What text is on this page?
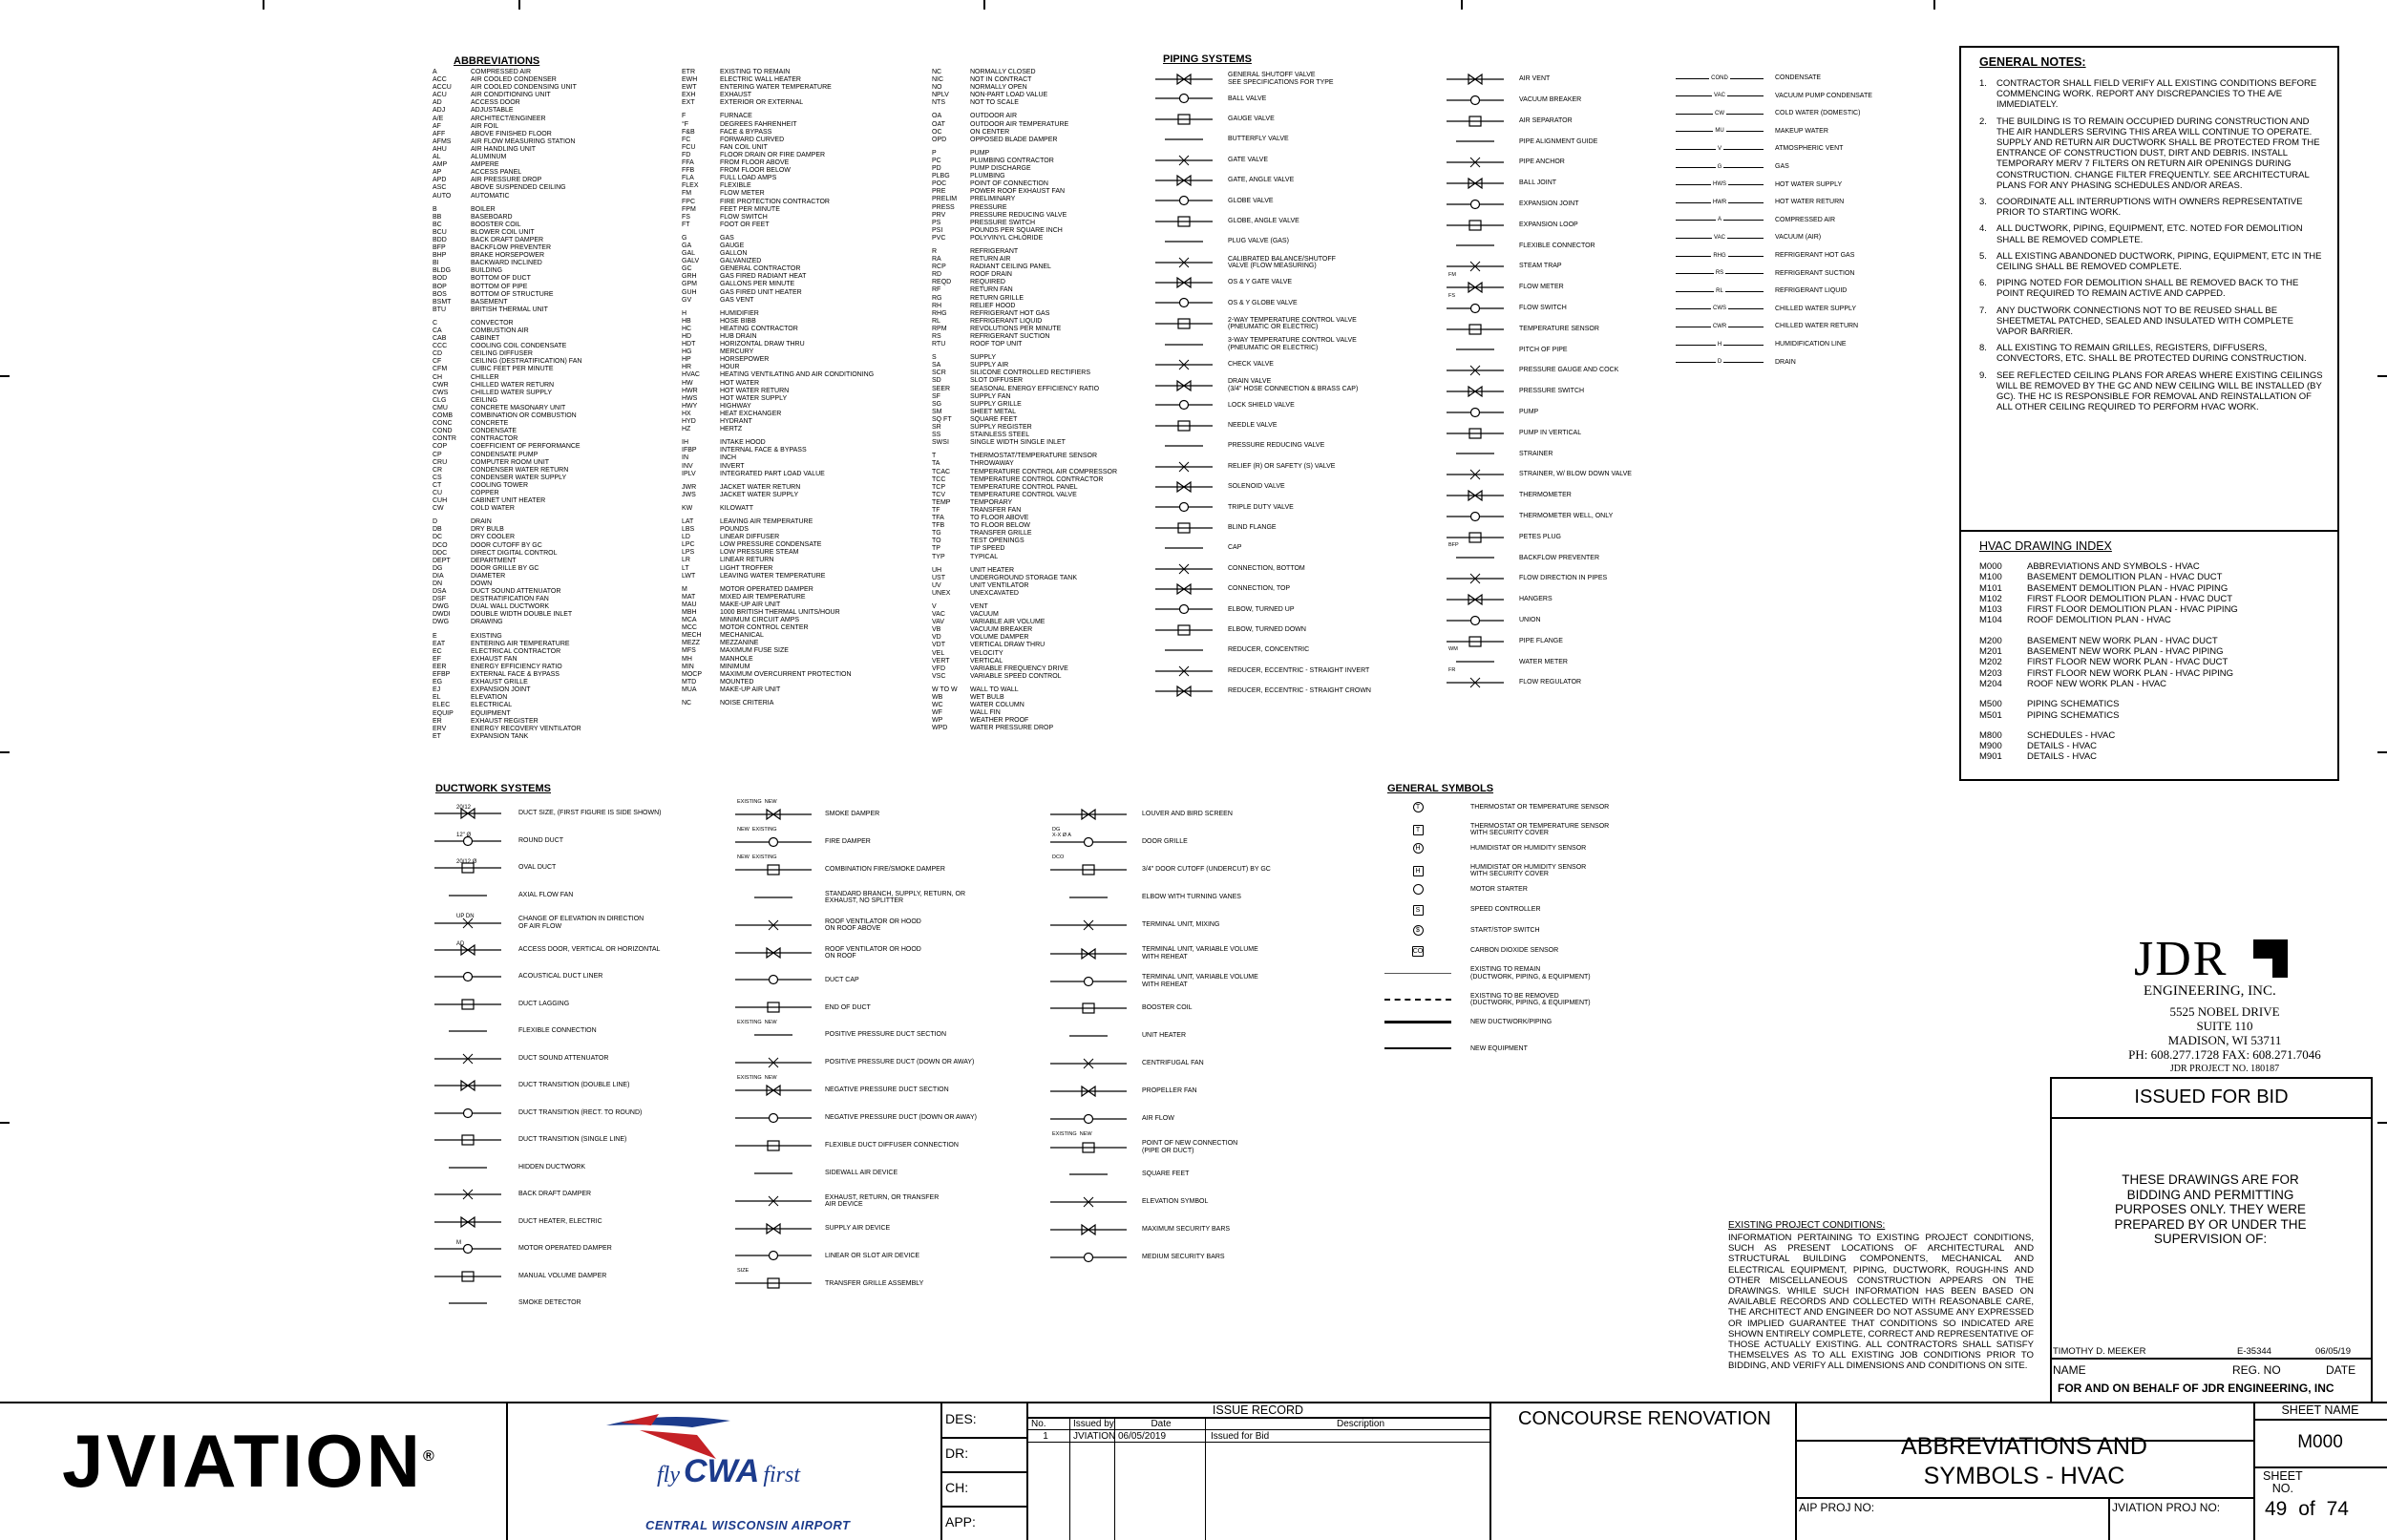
ABBREVIATIONS
A	COMPRESSED AIR
ACC	AIR COOLED CONDENSER
ACCU	AIR COOLED CONDENSING UNIT
ACU	AIR CONDITIONING UNIT
AD	ACCESS DOOR
ADJ	ADJUSTABLE
A/E	ARCHITECT/ENGINEER
AF	AIR FOIL
AFF	ABOVE FINISHED FLOOR
AFMS	AIR FLOW MEASURING STATION
AHU	AIR HANDLING UNIT
AL	ALUMINUM
AMP	AMPERE
AP	ACCESS PANEL
APD	AIR PRESSURE DROP
ASC	ABOVE SUSPENDED CEILING
AUTO	AUTOMATIC
B	BOILER
BB	BASEBOARD
BC	BOOSTER COIL
BCU	BLOWER COIL UNIT
BDD	BACK DRAFT DAMPER
BFP	BACKFLOW PREVENTER
BHP	BRAKE HORSEPOWER
BI	BACKWARD INCLINED
BLDG	BUILDING
BOD	BOTTOM OF DUCT
BOP	BOTTOM OF PIPE
BOS	BOTTOM OF STRUCTURE
BSMT	BASEMENT
BTU	BRITISH THERMAL UNIT
C	CONVECTOR
CA	COMBUSTION AIR
CAB	CABINET
CCC	COOLING COIL CONDENSATE
CD	CEILING DIFFUSER
CF	CEILING (DESTRATIFICATION) FAN
CFM	CUBIC FEET PER MINUTE
CH	CHILLER
CWR	CHILLED WATER RETURN
CWS	CHILLED WATER SUPPLY
CLG	CEILING
CMU	CONCRETE MASONARY UNIT
COMB	COMBINATION OR COMBUSTION
CONC	CONCRETE
COND	CONDENSATE
CONTR	CONTRACTOR
COP	COEFFICIENT OF PERFORMANCE
CP	CONDENSATE PUMP
CRU	COMPUTER ROOM UNIT
CR	CONDENSER WATER RETURN
CS	CONDENSER WATER SUPPLY
CT	COOLING TOWER
CU	COPPER
CUH	CABINET UNIT HEATER
CW	COLD WATER
D	DRAIN
DB	DRY BULB
DC	DRY COOLER
DCO	DOOR CUTOFF BY GC
DDC	DIRECT DIGITAL CONTROL
DEPT	DEPARTMENT
DG	DOOR GRILLE BY GC
DIA	DIAMETER
DN	DOWN
DSA	DUCT SOUND ATTENUATOR
DSF	DESTRATIFICATION FAN
DWG	DUAL WALL DUCTWORK
DWDI	DOUBLE WIDTH DOUBLE INLET
DWG	DRAWING
E	EXISTING
EAT	ENTERING AIR TEMPERATURE
EC	ELECTRICAL CONTRACTOR
EF	EXHAUST FAN
EER	ENERGY EFFICIENCY RATIO
EFBP	EXTERNAL FACE & BYPASS
EG	EXHAUST GRILLE
EJ	EXPANSION JOINT
EL	ELEVATION
ELEC	ELECTRICAL
EQUIP	EQUIPMENT
ER	EXHAUST REGISTER
ERV	ENERGY RECOVERY VENTILATOR
ET	EXPANSION TANK
ETR	EXISTING TO REMAIN
EWH	ELECTRIC WALL HEATER
EWT	ENTERING WATER TEMPERATURE
EXH	EXHAUST
EXT	EXTERIOR OR EXTERNAL
F	FURNACE
°F	DEGREES FAHRENHEIT
F&B	FACE & BYPASS
FC	FORWARD CURVED
FCU	FAN COIL UNIT
FD	FLOOR DRAIN OR FIRE DAMPER
FFA	FROM FLOOR ABOVE
FFB	FROM FLOOR BELOW
FLA	FULL LOAD AMPS
FLEX	FLEXIBLE
FM	FLOW METER
FPC	FIRE PROTECTION CONTRACTOR
FPM	FEET PER MINUTE
FS	FLOW SWITCH
FT	FOOT OR FEET
G	GAS
GA	GAUGE
GAL	GALLON
GALV	GALVANIZED
GC	GENERAL CONTRACTOR
GRH	GAS FIRED RADIANT HEAT
GPM	GALLONS PER MINUTE
GUH	GAS FIRED UNIT HEATER
GV	GAS VENT
H	HUMIDIFIER
HB	HOSE BIBB
HC	HEATING CONTRACTOR
HD	HUB DRAIN
HDT	HORIZONTAL DRAW THRU
HG	MERCURY
HP	HORSEPOWER
HR	HOUR
HVAC	HEATING VENTILATING AND AIR CONDITIONING
HW	HOT WATER
HWR	HOT WATER RETURN
HWS	HOT WATER SUPPLY
HWY	HIGHWAY
HX	HEAT EXCHANGER
HYD	HYDRANT
HZ	HERTZ
IH	INTAKE HOOD
IFBP	INTERNAL FACE & BYPASS
IN	INCH
INV	INVERT
IPLV	INTEGRATED PART LOAD VALUE
JWR	JACKET WATER RETURN
JWS	JACKET WATER SUPPLY
KW	KILOWATT
LAT	LEAVING AIR TEMPERATURE
LBS	POUNDS
LD	LINEAR DIFFUSER
LPC	LOW PRESSURE CONDENSATE
LPS	LOW PRESSURE STEAM
LR	LINEAR RETURN
LT	LIGHT TROFFER
LWT	LEAVING WATER TEMPERATURE
M	MOTOR OPERATED DAMPER
MAT	MIXED AIR TEMPERATURE
MAU	MAKE-UP AIR UNIT
MBH	1000 BRITISH THERMAL UNITS/HOUR
MCA	MINIMUM CIRCUIT AMPS
MCC	MOTOR CONTROL CENTER
MECH	MECHANICAL
MEZZ	MEZZANINE
MFS	MAXIMUM FUSE SIZE
MH	MANHOLE
MIN	MINIMUM
MOCP	MAXIMUM OVERCURRENT PROTECTION
MTD	MOUNTED
MUA	MAKE-UP AIR UNIT
NC	NOISE CRITERIA
NC	NORMALLY CLOSED
NIC	NOT IN CONTRACT
NO	NORMALLY OPEN
NPLV	NON-PART LOAD VALUE
NTS	NOT TO SCALE
OA	OUTDOOR AIR
OAT	OUTDOOR AIR TEMPERATURE
OC	ON CENTER
OPD	OPPOSED BLADE DAMPER
P	PUMP
PC	PLUMBING CONTRACTOR
PD	PUMP DISCHARGE
PLBG	PLUMBING
POC	POINT OF CONNECTION
PRE	POWER ROOF EXHAUST FAN
PRELIM	PRELIMINARY
PRESS	PRESSURE
PRV	PRESSURE REDUCING VALVE
PS	PRESSURE SWITCH
PSI	POUNDS PER SQUARE INCH
PVC	POLYVINYL CHLORIDE
R	REFRIGERANT
RA	RETURN AIR
RCP	RADIANT CEILING PANEL
RD	ROOF DRAIN
REQD	REQUIRED
RF	RETURN FAN
RG	RETURN GRILLE
RH	RELIEF HOOD
RHG	REFRIGERANT HOT GAS
RL	REFRIGERANT LIQUID
RPM	REVOLUTIONS PER MINUTE
RS	REFRIGERANT SUCTION
RTU	ROOF TOP UNIT
S	SUPPLY
SA	SUPPLY AIR
SCR	SILICONE CONTROLLED RECTIFIERS
SD	SLOT DIFFUSER
SEER	SEASONAL ENERGY EFFICIENCY RATIO
SF	SUPPLY FAN
SG	SUPPLY GRILLE
SM	SHEET METAL
SQ FT	SQUARE FEET
SR	SUPPLY REGISTER
SS	STAINLESS STEEL
SWSI	SINGLE WIDTH SINGLE INLET
T	THERMOSTAT/TEMPERATURE SENSOR
TA	THROWAWAY
TCAC	TEMPERATURE CONTROL AIR COMPRESSOR
TCC	TEMPERATURE CONTROL CONTRACTOR
TCP	TEMPERATURE CONTROL PANEL
TCV	TEMPERATURE CONTROL VALVE
TEMP	TEMPORARY
TF	TRANSFER FAN
TFA	TO FLOOR ABOVE
TFB	TO FLOOR BELOW
TG	TRANSFER GRILLE
TO	TEST OPENINGS
TP	TIP SPEED
TYP	TYPICAL
UH	UNIT HEATER
UST	UNDERGROUND STORAGE TANK
UV	UNIT VENTILATOR
UNEX	UNEXCAVATED
V	VENT
VAC	VACUUM
VAV	VARIABLE AIR VOLUME
VB	VACUUM BREAKER
VD	VOLUME DAMPER
VDT	VERTICAL DRAW THRU
VEL	VELOCITY
VERT	VERTICAL
VFD	VARIABLE FREQUENCY DRIVE
VSC	VARIABLE SPEED CONTROL
W TO W	WALL TO WALL
WB	WET BULB
WC	WATER COLUMN
WF	WALL FIN
WP	WEATHER PROOF
WPD	WATER PRESSURE DROP
PIPING SYSTEMS
GENERAL SHUTOFF VALVE
SEE SPECIFICATIONS FOR TYPE
BALL VALVE
GAUGE VALVE
BUTTERFLY VALVE
GATE VALVE
GATE, ANGLE VALVE
GLOBE VALVE
GLOBE, ANGLE VALVE
PLUG VALVE (GAS)
CALIBRATED BALANCE/SHUTOFF
VALVE (FLOW MEASURING)
OS & Y GATE VALVE
OS & Y GLOBE VALVE
2-WAY TEMPERATURE CONTROL VALVE
(PNEUMATIC OR ELECTRIC)
3-WAY TEMPERATURE CONTROL VALVE
(PNEUMATIC OR ELECTRIC)
CHECK VALVE
DRAIN VALVE
(3/4" HOSE CONNECTION & BRASS CAP)
LOCK SHIELD VALVE
NEEDLE VALVE
PRESSURE REDUCING VALVE
RELIEF (R) OR SAFETY (S) VALVE
SOLENOID VALVE
TRIPLE DUTY VALVE
BLIND FLANGE
CAP
CONNECTION, BOTTOM
CONNECTION, TOP
ELBOW, TURNED UP
ELBOW, TURNED DOWN
REDUCER, CONCENTRIC
REDUCER, ECCENTRIC - STRAIGHT INVERT
REDUCER, ECCENTRIC - STRAIGHT CROWN
AIR VENT
VACUUM BREAKER
AIR SEPARATOR
PIPE ALIGNMENT GUIDE
PIPE ANCHOR
BALL JOINT
EXPANSION JOINT
EXPANSION LOOP
FLEXIBLE CONNECTOR
STEAM TRAP
FLOW METER
FM
FLOW SWITCH
FS
TEMPERATURE SENSOR
PITCH OF PIPE
PRESSURE GAUGE AND COCK
PRESSURE SWITCH
PUMP
PUMP IN VERTICAL
STRAINER
STRAINER, W/ BLOW DOWN VALVE
THERMOMETER
THERMOMETER WELL, ONLY
PETES PLUG
BACKFLOW PREVENTER
BFP
FLOW DIRECTION IN PIPES
HANGERS
UNION
PIPE FLANGE
WATER METER
WM
FLOW REGULATOR
FR
COND	CONDENSATE
VAC	VACUUM PUMP CONDENSATE
CW	COLD WATER (DOMESTIC)
MU	MAKEUP WATER
V	ATMOSPHERIC VENT
G	GAS
HWS	HOT WATER SUPPLY
HWR	HOT WATER RETURN
A	COMPRESSED AIR
VAC	VACUUM (AIR)
RHG	REFRIGERANT HOT GAS
RS	REFRIGERANT SUCTION
RL	REFRIGERANT LIQUID
CWS	CHILLED WATER SUPPLY
CWR	CHILLED WATER RETURN
H	HUMIDIFICATION LINE
D	DRAIN
DUCTWORK SYSTEMS
DUCT SIZE, (FIRST FIGURE IS SIDE SHOWN)
20/12
ROUND DUCT
12" Ø
OVAL DUCT
20/12 Ø
AXIAL FLOW FAN
CHANGE OF ELEVATION IN DIRECTION
OF AIR FLOW
UP DN
ACCESS DOOR, VERTICAL OR HORIZONTAL
AD
ACOUSTICAL DUCT LINER
DUCT LAGGING
FLEXIBLE CONNECTION
DUCT SOUND ATTENUATOR
DUCT TRANSITION (DOUBLE LINE)
DUCT TRANSITION (RECT. TO ROUND)
DUCT TRANSITION (SINGLE LINE)
HIDDEN DUCTWORK
BACK DRAFT DAMPER
DUCT HEATER, ELECTRIC
MOTOR OPERATED DAMPER
M
MANUAL VOLUME DAMPER
SMOKE DETECTOR
SMOKE DAMPER
EXISTING  NEW
FIRE DAMPER
NEW  EXISTING
COMBINATION FIRE/SMOKE DAMPER
NEW  EXISTING
STANDARD BRANCH, SUPPLY, RETURN, OR
EXHAUST, NO SPLITTER
ROOF VENTILATOR OR HOOD
ON ROOF ABOVE
ROOF VENTILATOR OR HOOD
ON ROOF
DUCT CAP
END OF DUCT
POSITIVE PRESSURE DUCT SECTION
EXISTING  NEW
POSITIVE PRESSURE DUCT (DOWN OR AWAY)
NEGATIVE PRESSURE DUCT SECTION
EXISTING  NEW
NEGATIVE PRESSURE DUCT (DOWN OR AWAY)
FLEXIBLE DUCT DIFFUSER CONNECTION
SIDEWALL AIR DEVICE
EXHAUST, RETURN, OR TRANSFER
AIR DEVICE
SUPPLY AIR DEVICE
LINEAR OR SLOT AIR DEVICE
TRANSFER GRILLE ASSEMBLY
SIZE
LOUVER AND BIRD SCREEN
DOOR GRILLE
DG
X-X Ø A
3/4" DOOR CUTOFF (UNDERCUT) BY GC
DCO
ELBOW WITH TURNING VANES
TERMINAL UNIT, MIXING
TERMINAL UNIT, VARIABLE VOLUME
WITH REHEAT
TERMINAL UNIT, VARIABLE VOLUME
WITH REHEAT
BOOSTER COIL
UNIT HEATER
CENTRIFUGAL FAN
PROPELLER FAN
AIR FLOW
POINT OF NEW CONNECTION
(PIPE OR DUCT)
EXISTING  NEW
SQUARE FEET
ELEVATION SYMBOL
MAXIMUM SECURITY BARS
MEDIUM SECURITY BARS
GENERAL SYMBOLS
T	THERMOSTAT OR TEMPERATURE SENSOR
T
THERMOSTAT OR TEMPERATURE SENSOR
WITH SECURITY COVER
H	HUMIDISTAT OR HUMIDITY SENSOR
H
HUMIDISTAT OR HUMIDITY SENSOR
WITH SECURITY COVER
MOTOR STARTER
S	SPEED CONTROLLER
$	START/STOP SWITCH
CO	CARBON DIOXIDE SENSOR
EXISTING TO REMAIN
(DUCTWORK, PIPING, & EQUIPMENT)
EXISTING TO BE REMOVED
(DUCTWORK, PIPING, & EQUIPMENT)
NEW DUCTWORK/PIPING
NEW EQUIPMENT
GENERAL NOTES:
1.	CONTRACTOR SHALL FIELD VERIFY ALL EXISTING CONDITIONS BEFORE COMMENCING WORK. REPORT ANY DISCREPANCIES TO THE A/E IMMEDIATELY.
2.	THE BUILDING IS TO REMAIN OCCUPIED DURING CONSTRUCTION AND THE AIR HANDLERS SERVING THIS AREA WILL CONTINUE TO OPERATE. SUPPLY AND RETURN AIR DUCTWORK SHALL BE PROTECTED FROM THE ENTRANCE OF CONSTRUCTION DUST, DIRT AND DEBRIS. INSTALL TEMPORARY MERV 7 FILTERS ON RETURN AIR OPENINGS DURING CONSTRUCTION. CHANGE FILTER FREQUENTLY. SEE ARCHITECTURAL PLANS FOR ANY PHASING SCHEDULES AND/OR AREAS.
3.	COORDINATE ALL INTERRUPTIONS WITH OWNERS REPRESENTATIVE PRIOR TO STARTING WORK.
4.	ALL DUCTWORK, PIPING, EQUIPMENT, ETC. NOTED FOR DEMOLITION SHALL BE REMOVED COMPLETE.
5.	ALL EXISTING ABANDONED DUCTWORK, PIPING, EQUIPMENT, ETC IN THE CEILING SHALL BE REMOVED COMPLETE.
6.	PIPING NOTED FOR DEMOLITION SHALL BE REMOVED BACK TO THE POINT REQUIRED TO REMAIN ACTIVE AND CAPPED.
7.	ANY DUCTWORK CONNECTIONS NOT TO BE REUSED SHALL BE SHEETMETAL PATCHED, SEALED AND INSULATED WITH COMPLETE VAPOR BARRIER.
8.	ALL EXISTING TO REMAIN GRILLES, REGISTERS, DIFFUSERS, CONVECTORS, ETC. SHALL BE PROTECTED DURING CONSTRUCTION.
9.	SEE REFLECTED CEILING PLANS FOR AREAS WHERE EXISTING CEILINGS WILL BE REMOVED BY THE GC AND NEW CEILING WILL BE INSTALLED (BY GC). THE HC IS RESPONSIBLE FOR REMOVAL AND REINSTALLATION OF ALL OTHER CEILING REQUIRED TO PERFORM HVAC WORK.
HVAC DRAWING INDEX
M000	ABBREVIATIONS AND SYMBOLS - HVAC
M100	BASEMENT DEMOLITION PLAN - HVAC DUCT
M101	BASEMENT DEMOLITION PLAN - HVAC PIPING
M102	FIRST FLOOR DEMOLITION PLAN - HVAC DUCT
M103	FIRST FLOOR DEMOLITION PLAN - HVAC PIPING
M104	ROOF DEMOLITION PLAN - HVAC
M200	BASEMENT NEW WORK PLAN - HVAC DUCT
M201	BASEMENT NEW WORK PLAN - HVAC PIPING
M202	FIRST FLOOR NEW WORK PLAN - HVAC DUCT
M203	FIRST FLOOR NEW WORK PLAN - HVAC PIPING
M204	ROOF NEW WORK PLAN - HVAC
M500	PIPING SCHEMATICS
M501	PIPING SCHEMATICS
M800	SCHEDULES - HVAC
M900	DETAILS - HVAC
M901	DETAILS - HVAC
JDR
ENGINEERING, INC.
5525 NOBEL DRIVE
SUITE 110
MADISON, WI 53711
PH: 608.277.1728 FAX: 608.271.7046
JDR PROJECT NO. 180187
ISSUED FOR BID
THESE DRAWINGS ARE FOR BIDDING AND PERMITTING PURPOSES ONLY. THEY WERE PREPARED BY OR UNDER THE SUPERVISION OF:
TIMOTHY D. MEEKER	E-35344	06/05/19
NAME	REG. NO	DATE
FOR AND ON BEHALF OF JDR ENGINEERING, INC
EXISTING PROJECT CONDITIONS:
INFORMATION PERTAINING TO EXISTING PROJECT CONDITIONS, SUCH AS PRESENT LOCATIONS OF ARCHITECTURAL AND STRUCTURAL BUILDING COMPONENTS, MECHANICAL AND ELECTRICAL EQUIPMENT, PIPING, DUCTWORK, ROUGH-INS AND OTHER MISCELLANEOUS CONSTRUCTION APPEARS ON THE DRAWINGS. WHILE SUCH INFORMATION HAS BEEN BASED ON AVAILABLE RECORDS AND COLLECTED WITH REASONABLE CARE, THE ARCHITECT AND ENGINEER DO NOT ASSUME ANY EXPRESSED OR IMPLIED GUARANTEE THAT CONDITIONS SO INDICATED ARE SHOWN ENTIRELY COMPLETE, CORRECT AND REPRESENTATIVE OF THOSE ACTUALLY EXISTING. ALL CONTRACTORS SHALL SATISFY THEMSELVES AS TO ALL EXISTING JOB CONDITIONS PRIOR TO BIDDING, AND VERIFY ALL DIMENSIONS AND CONDITIONS ON SITE.
JVIATION®
fly CWA first
CENTRAL WISCONSIN AIRPORT
DES:
DR:
CH:
APP:
ISSUE RECORD
No.	Issued by	Date	Description
1	JVIATION 06/05/2019	Issued for Bid
CONCOURSE RENOVATION
ABBREVIATIONS AND
SYMBOLS - HVAC
AIP PROJ NO:	JVIATION PROJ NO:
SHEET NAME
M000
SHEET
NO.
49 of 74
